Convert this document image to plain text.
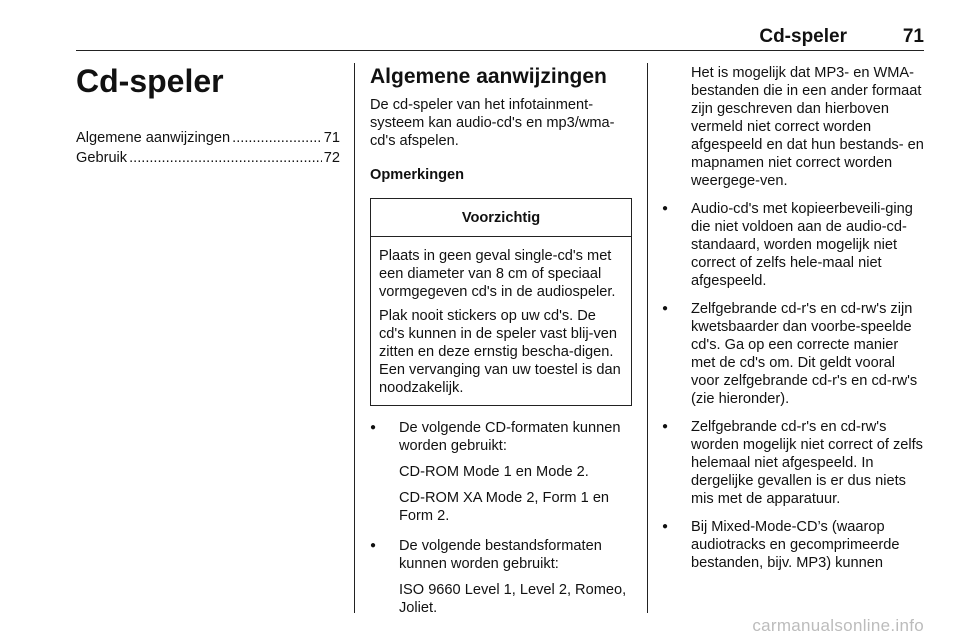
Cd-speler	71
Cd-speler
Algemene aanwijzingen .....	71
Gebruik .....	72
Algemene aanwijzingen

De cd-speler van het infotainment-systeem kan audio-cd's en mp3/wma-cd's afspelen.

Opmerkingen
Voorzichtig

Plaats in geen geval single-cd's met een diameter van 8 cm of speciaal vormgegeven cd's in de audiospeler.

Plak nooit stickers op uw cd's. De cd's kunnen in de speler vast blij-ven zitten en deze ernstig bescha-digen. Een vervanging van uw toestel is dan noodzakelijk.

● De volgende CD-formaten kunnen worden gebruikt:

CD-ROM Mode 1 en Mode 2.

CD-ROM XA Mode 2, Form 1 en Form 2.

● De volgende bestandsformaten kunnen worden gebruikt:

ISO 9660 Level 1, Level 2, Romeo, Joliet.

Het is mogelijk dat MP3- en WMA-bestanden die in een ander formaat zijn geschreven dan hierboven vermeld niet correct worden afgespeeld en dat hun bestands- en mapnamen niet correct worden weergege-ven.

● Audio-cd's met kopieerbeveili-ging die niet voldoen aan de audio-cd-standaard, worden mogelijk niet correct of zelfs hele-maal niet afgespeeld.
● Zelfgebrande cd-r's en cd-rw's zijn kwetsbaarder dan voorbe-speelde cd's. Ga op een correcte manier met de cd's om. Dit geldt vooral voor zelfgebrande cd-r's en cd-rw's (zie hieronder).
● Zelfgebrande cd-r's en cd-rw's worden mogelijk niet correct of zelfs helemaal niet afgespeeld. In dergelijke gevallen is er dus niets mis met de apparatuur.
● Bij Mixed-Mode-CD’s (waarop audiotracks en gecomprimeerde bestanden, bijv. MP3) kunnen
carmanualsonline.info
